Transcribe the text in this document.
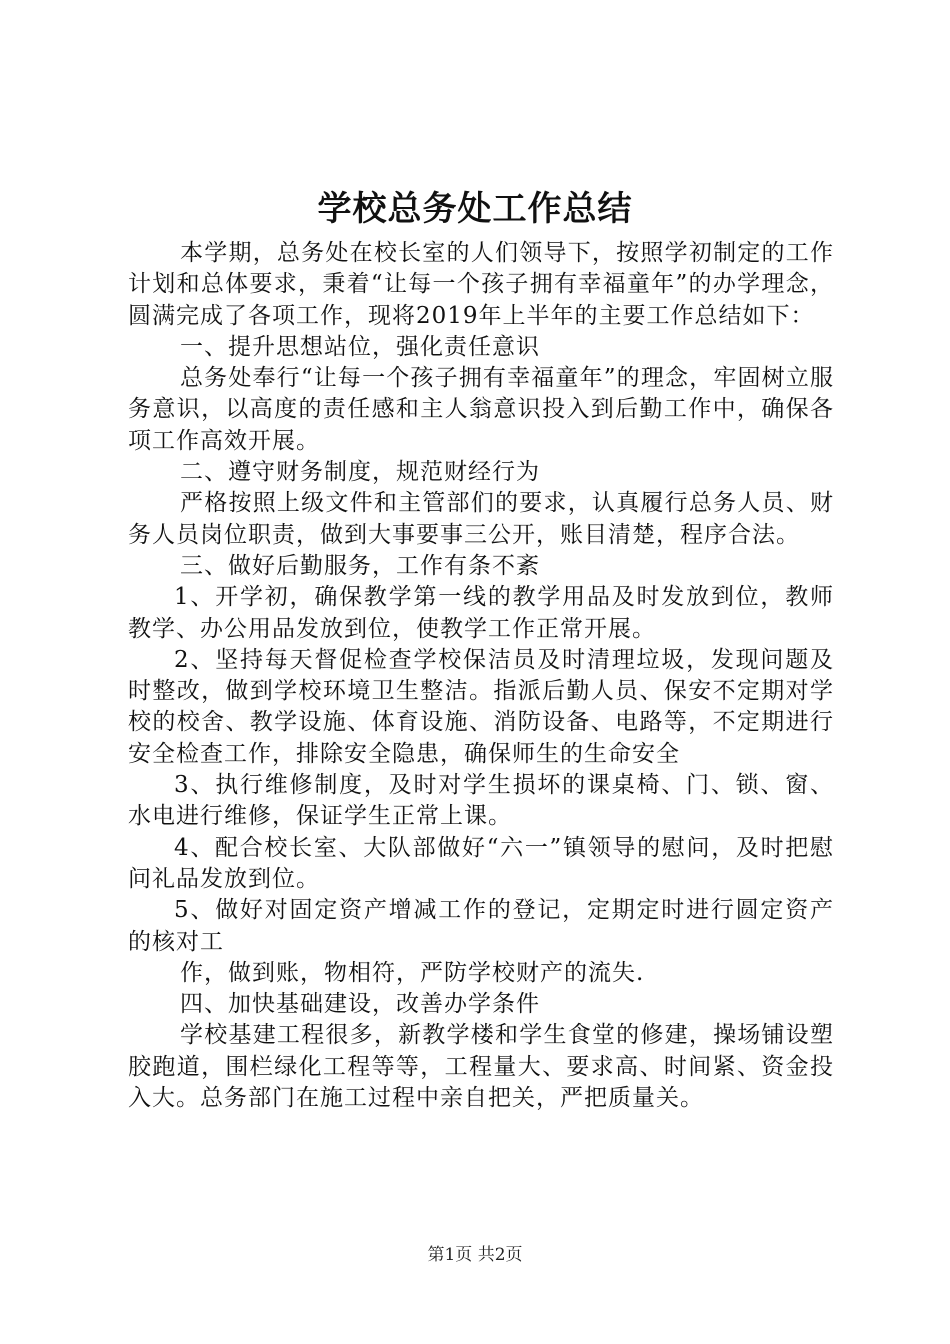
学校总务处工作总结

本学期，总务处在校长室的人们领导下，按照学初制定的工作计划和总体要求，秉着“让每一个孩子拥有幸福童年”的办学理念，圆满完成了各项工作，现将2019年上半年的主要工作总结如下：

一、提升思想站位，强化责任意识

总务处奉行“让每一个孩子拥有幸福童年”的理念，牢固树立服务意识，以高度的责任感和主人翁意识投入到后勤工作中，确保各项工作高效开展。

二、遵守财务制度，规范财经行为

严格按照上级文件和主管部们的要求，认真履行总务人员、财务人员岗位职责，做到大事要事三公开，账目清楚，程序合法。

三、做好后勤服务，工作有条不紊

1、开学初，确保教学第一线的教学用品及时发放到位，教师教学、办公用品发放到位，使教学工作正常开展。

2、坚持每天督促检查学校保洁员及时清理垃圾，发现问题及时整改，做到学校环境卫生整洁。指派后勤人员、保安不定期对学校的校舍、教学设施、体育设施、消防设备、电路等，不定期进行安全检查工作，排除安全隐患，确保师生的生命安全

3、执行维修制度，及时对学生损坏的课桌椅、门、锁、窗、水电进行维修，保证学生正常上课。

4、配合校长室、大队部做好“六一”镇领导的慰问，及时把慰问礼品发放到位。

5、做好对固定资产增减工作的登记，定期定时进行圆定资产的核对工

作，做到账，物相符，严防学校财产的流失.

四、加快基础建设，改善办学条件

学校基建工程很多，新教学楼和学生食堂的修建，操场铺设塑胶跑道，围栏绿化工程等等，工程量大、要求高、时间紧、资金投入大。总务部门在施工过程中亲自把关，严把质量关。

第1页 共2页
